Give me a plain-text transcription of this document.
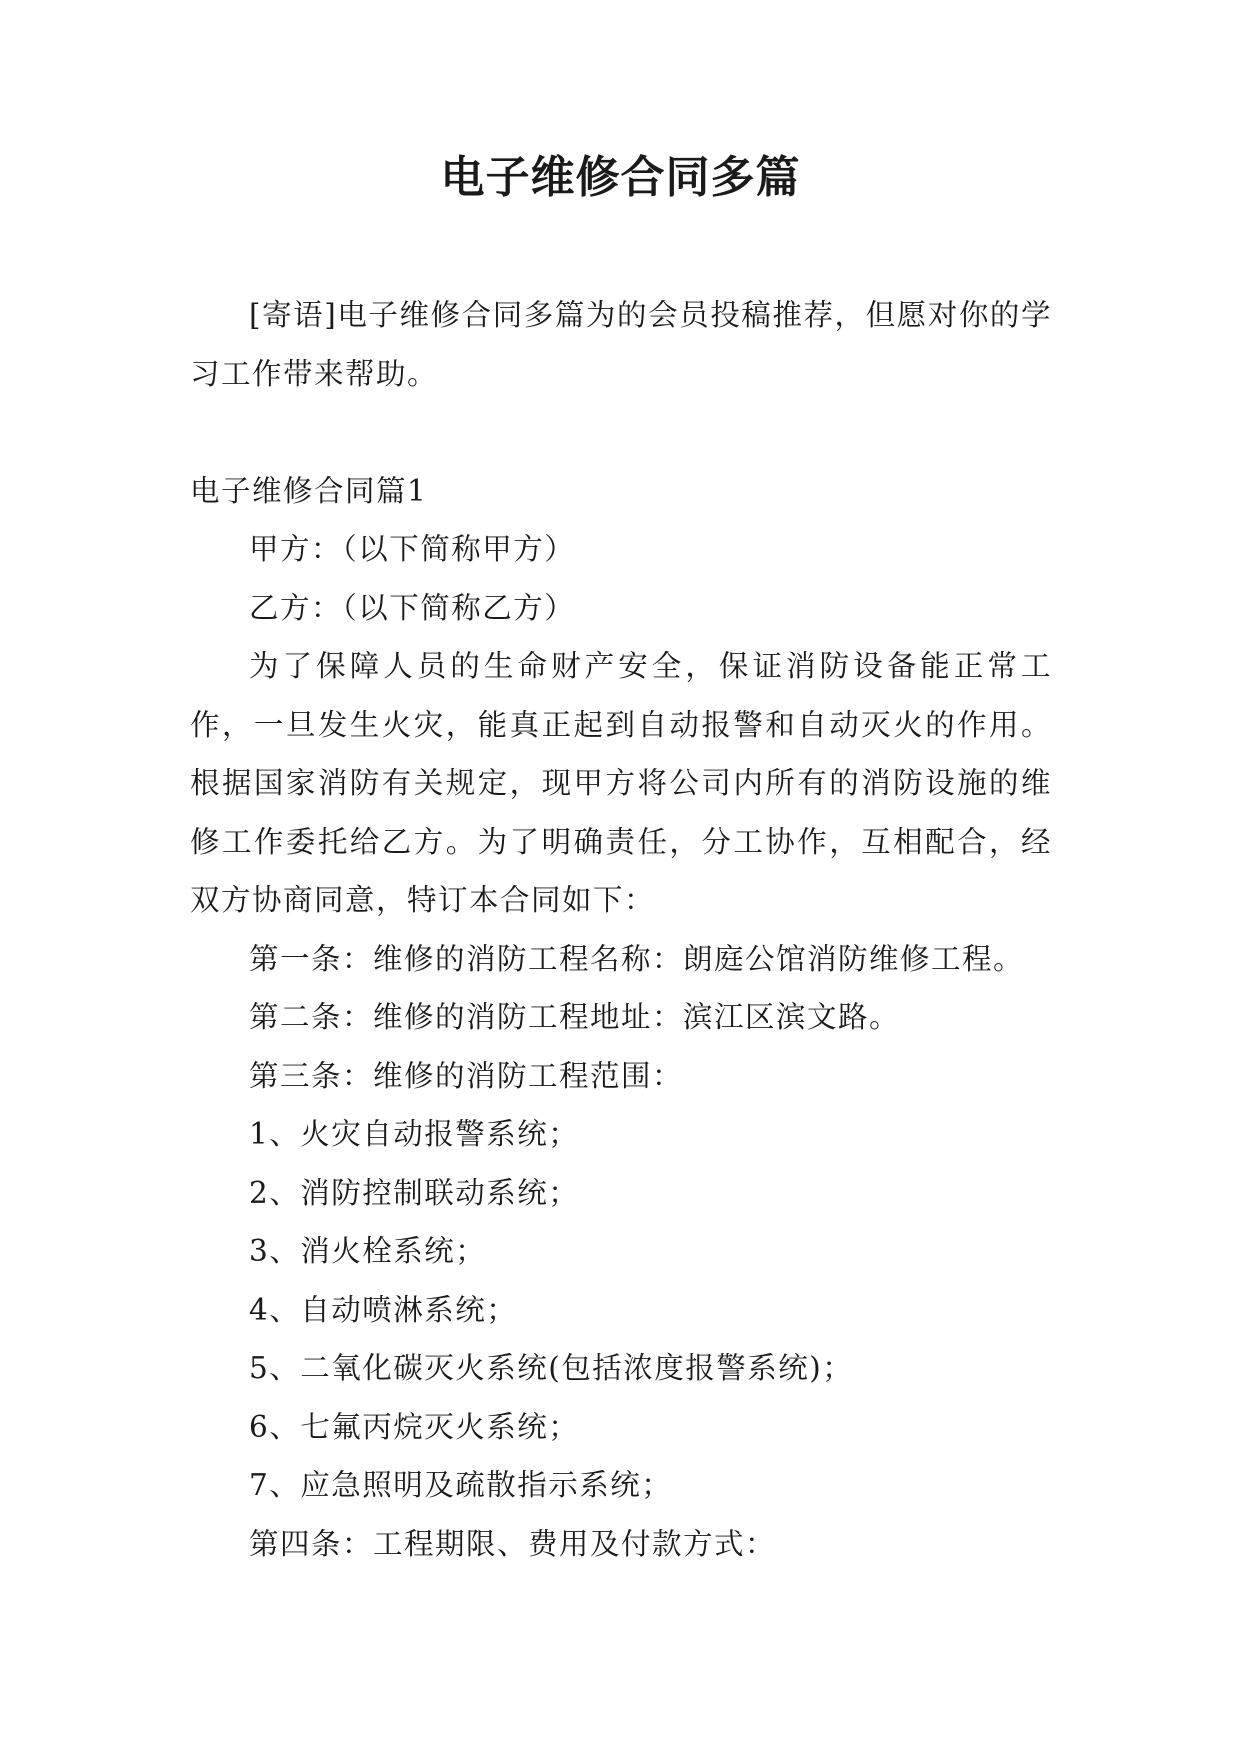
电子维修合同多篇

[寄语]电子维修合同多篇为的会员投稿推荐，但愿对你的学习工作带来帮助。

电子维修合同篇1

甲方：（以下简称甲方）

乙方：（以下简称乙方）

为了保障人员的生命财产安全，保证消防设备能正常工作，一旦发生火灾，能真正起到自动报警和自动灭火的作用。根据国家消防有关规定，现甲方将公司内所有的消防设施的维修工作委托给乙方。为了明确责任，分工协作，互相配合，经双方协商同意，特订本合同如下：

第一条：维修的消防工程名称：朗庭公馆消防维修工程。

第二条：维修的消防工程地址：滨江区滨文路。

第三条：维修的消防工程范围：

1、火灾自动报警系统；

2、消防控制联动系统；

3、消火栓系统；

4、自动喷淋系统；

5、二氧化碳灭火系统(包括浓度报警系统)；

6、七氟丙烷灭火系统；

7、应急照明及疏散指示系统；

第四条：工程期限、费用及付款方式：
